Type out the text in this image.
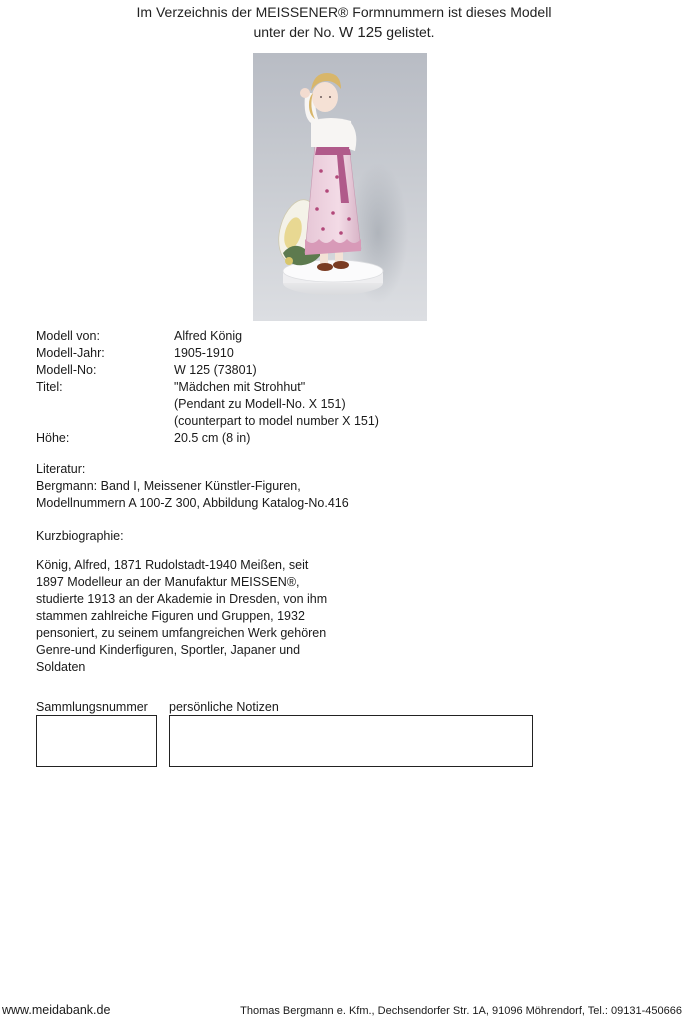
Im Verzeichnis der MEISSENER® Formnummern ist dieses Modell
unter der No. W 125 gelistet.
Modell von:	Alfred König
Modell-Jahr:	1905-1910
Modell-No:	W 125 (73801)
Titel:	"Mädchen mit Strohhut"
(Pendant zu Modell-No. X 151)
(counterpart to model number X 151)
Höhe:	20.5 cm (8 in)
Literatur:
Bergmann: Band I, Meissener Künstler-Figuren,
Modellnummern A 100-Z 300, Abbildung Katalog-No.416
Kurzbiographie:
König, Alfred, 1871 Rudolstadt-1940 Meißen, seit
1897 Modelleur an der Manufaktur MEISSEN®,
studierte 1913 an der Akademie in Dresden, von ihm
stammen zahlreiche Figuren und Gruppen, 1932
pensoniert, zu seinem umfangreichen Werk gehören
Genre-und Kinderfiguren, Sportler, Japaner und
Soldaten
Sammlungsnummer persönliche Notizen
www.meidabank.de	Thomas Bergmann e. Kfm., Dechsendorfer Str. 1A, 91096 Möhrendorf, Tel.: 09131-450666
